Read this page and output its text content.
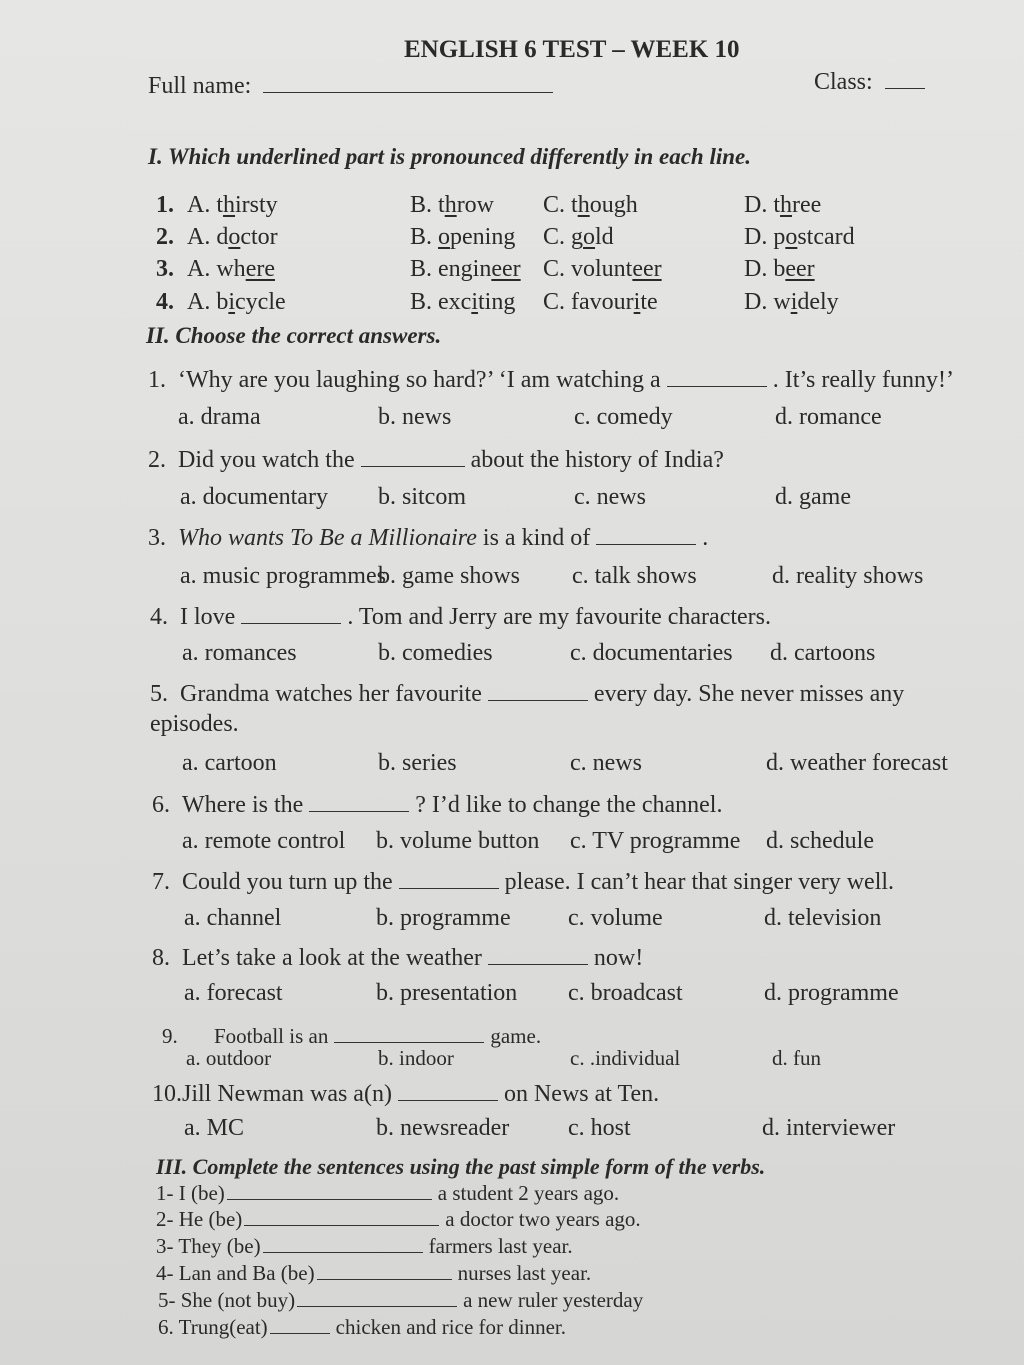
ENGLISH 6 TEST – WEEK 10
Full name:	Class:
I. Which underlined part is pronounced differently in each line.
II. Choose the correct answers.
III. Complete the sentences using the past simple form of the verbs.
1. A. thirsty	B. throw C. though	D. three
2. A. doctor	B. opening C. gold	D. postcard
3. A. where	B. engineer C. volunteer	D. beer
4. A. bicycle	B. exciting C. favourite	D. widely
1. ‘Why are you laughing so hard?’ ‘I am watching a	. It’s really funny!’
a. drama	b. news	c. comedy	d. romance
2. Did you watch the	about the history of India?
a. documentary b. sitcom	c. news	d. game
3. Who wants To Be a Millionaire is a kind of	.
a. music programmes
b. game shows c. talk shows	d. reality shows
4. I love	. Tom and Jerry are my favourite characters.
a. romances	b. comedies	c. documentaries d. cartoons
5. Grandma watches her favourite	every day. She never misses any
episodes.
a. cartoon	b. series	c. news	d. weather forecast
6. Where is the	? I’d like to change the channel.
a. remote control b. volume button c. TV programme d. schedule
7. Could you turn up the	please. I can’t hear that singer very well.
a. channel	b. programme c. volume	d. television
8. Let’s take a look at the weather	now!
a. forecast	b. presentation c. broadcast	d. programme
9. Football is an	game.
a. outdoor	b. indoor	c. .individual	d. fun
10.Jill Newman was a(n)	on News at Ten.
a. MC	b. newsreader c. host	d. interviewer
1- I (be)	a student 2 years ago.
2- He (be)	a doctor two years ago.
3- They (be)	farmers last year.
4- Lan and Ba (be)	nurses last year.
5- She (not buy)	a new ruler yesterday
6. Trung(eat)	chicken and rice for dinner.
